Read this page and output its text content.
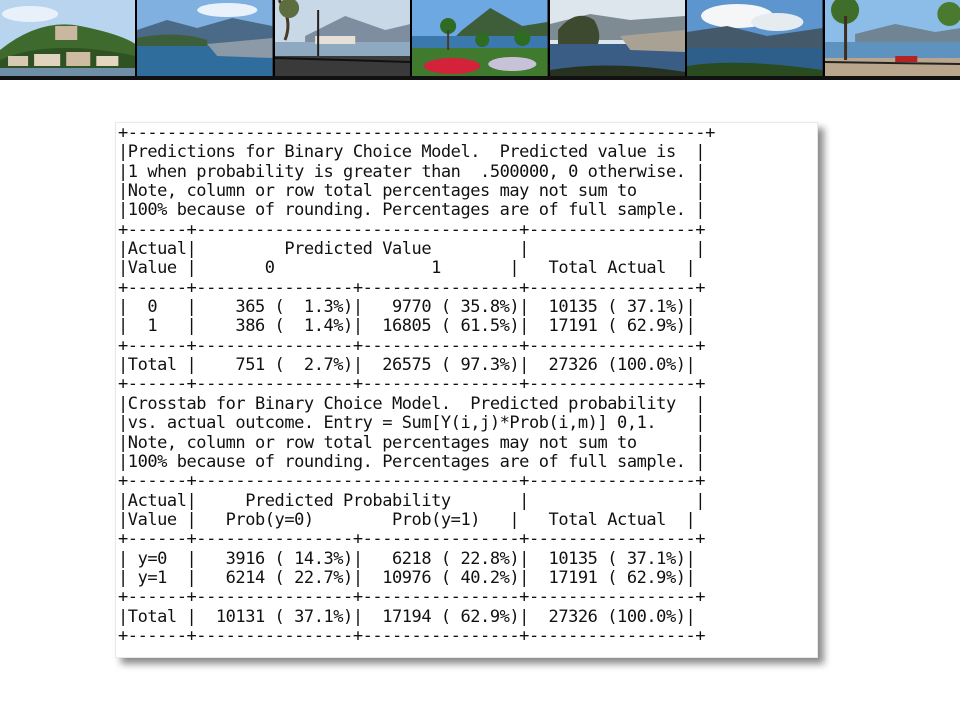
+-----------------------------------------------------------+
|Predictions for Binary Choice Model.  Predicted value is  |
|1 when probability is greater than  .500000, 0 otherwise. |
|Note, column or row total percentages may not sum to      |
|100% because of rounding. Percentages are of full sample. |
+------+---------------------------------+-----------------+
|Actual|         Predicted Value         |                 |
|Value |       0                1       |   Total Actual  |
+------+----------------+----------------+-----------------+
|  0   |    365 (  1.3%)|   9770 ( 35.8%)|  10135 ( 37.1%)|
|  1   |    386 (  1.4%)|  16805 ( 61.5%)|  17191 ( 62.9%)|
+------+----------------+----------------+-----------------+
|Total |    751 (  2.7%)|  26575 ( 97.3%)|  27326 (100.0%)|
+------+----------------+----------------+-----------------+
|Crosstab for Binary Choice Model.  Predicted probability  |
|vs. actual outcome. Entry = Sum[Y(i,j)*Prob(i,m)] 0,1.    |
|Note, column or row total percentages may not sum to      |
|100% because of rounding. Percentages are of full sample. |
+------+---------------------------------+-----------------+
|Actual|     Predicted Probability       |                 |
|Value |   Prob(y=0)        Prob(y=1)   |   Total Actual  |
+------+----------------+----------------+-----------------+
| y=0  |   3916 ( 14.3%)|   6218 ( 22.8%)|  10135 ( 37.1%)|
| y=1  |   6214 ( 22.7%)|  10976 ( 40.2%)|  17191 ( 62.9%)|
+------+----------------+----------------+-----------------+
|Total |  10131 ( 37.1%)|  17194 ( 62.9%)|  27326 (100.0%)|
+------+----------------+----------------+-----------------+
